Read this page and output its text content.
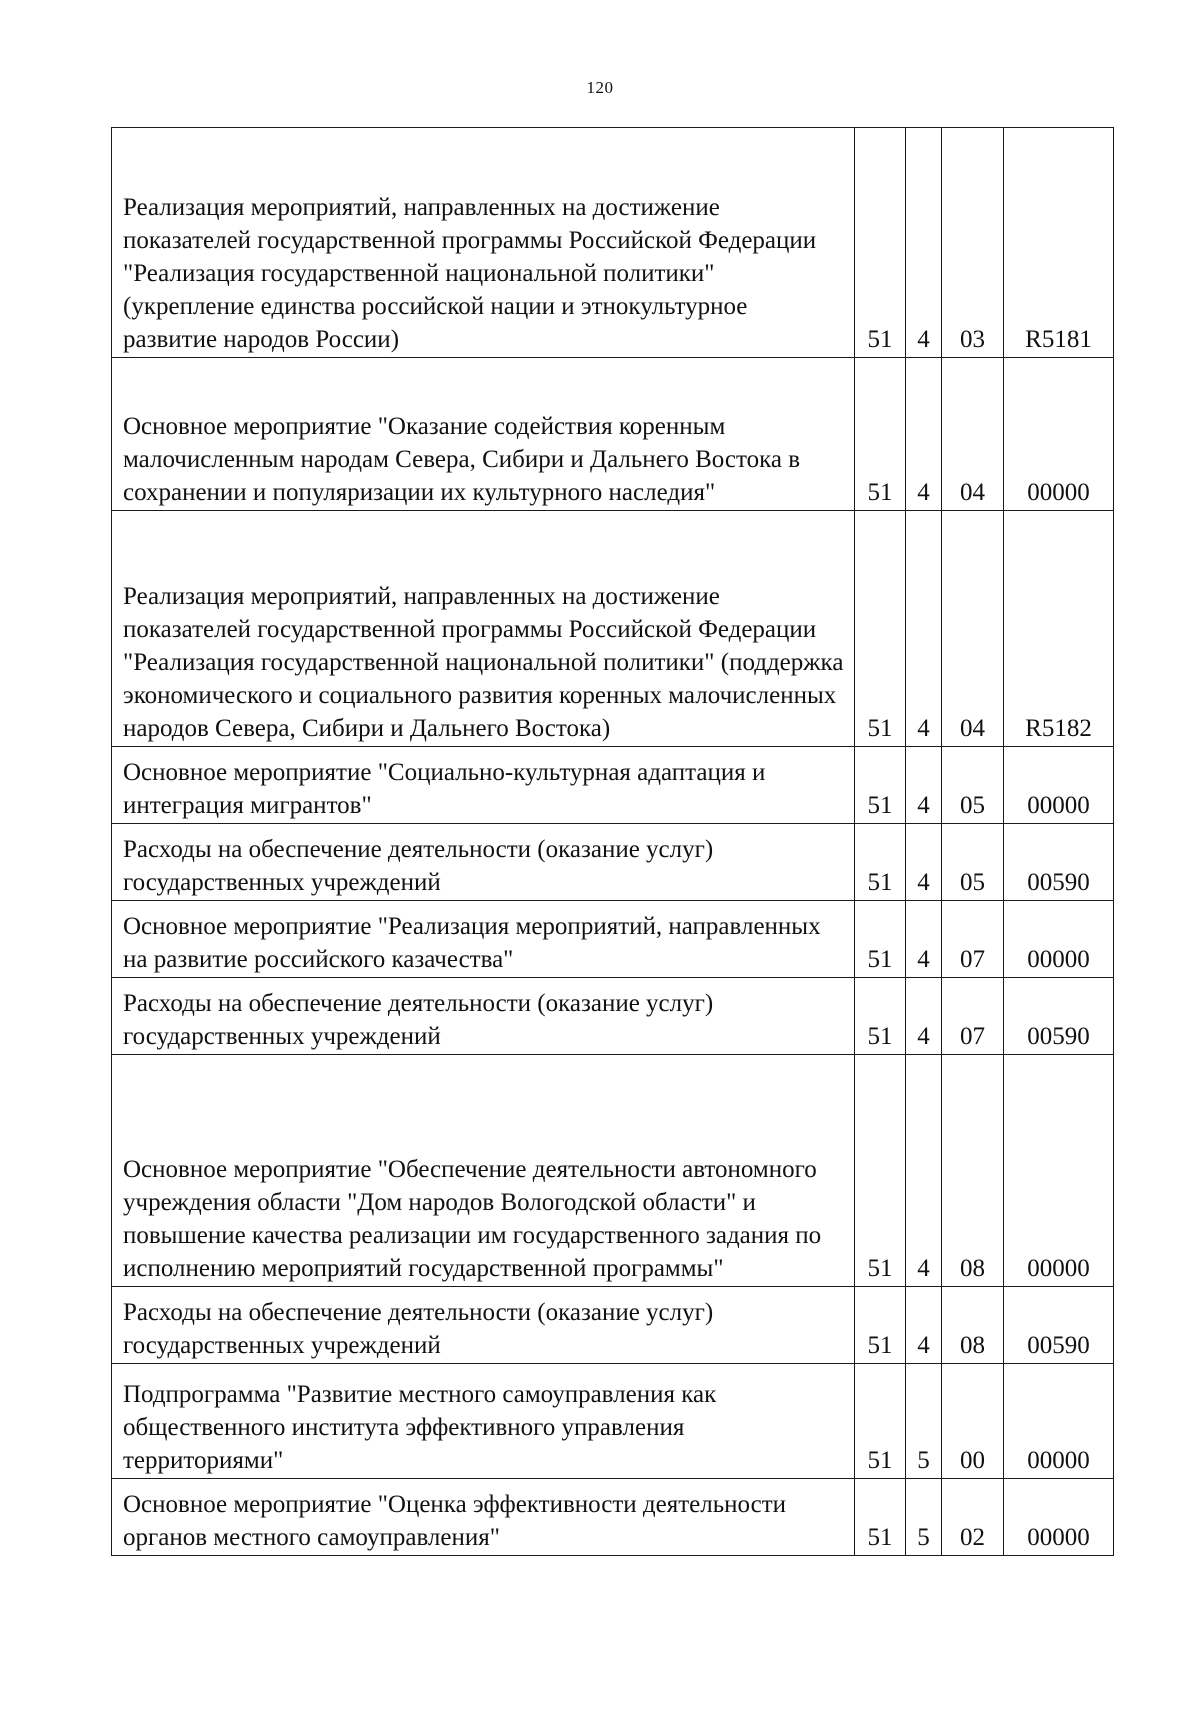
120
Реализация мероприятий, направленных на достижение показателей государственной программы Российской Федерации "Реализация государственной национальной политики" (укрепление единства российской нации и этнокультурное развитие народов России)	51	4	03	R5181
Основное мероприятие "Оказание содействия коренным малочисленным народам Севера, Сибири и Дальнего Востока в сохранении и популяризации их культурного наследия"	51	4	04	00000
Реализация мероприятий, направленных на достижение показателей государственной программы Российской Федерации "Реализация государственной национальной политики" (поддержка экономического и социального развития коренных малочисленных народов Севера, Сибири и Дальнего Востока)	51	4	04	R5182
Основное мероприятие "Социально-культурная адаптация и интеграция мигрантов"	51	4	05	00000
Расходы на обеспечение деятельности (оказание услуг) государственных учреждений	51	4	05	00590
Основное мероприятие "Реализация мероприятий, направленных на развитие российского казачества"	51	4	07	00000
Расходы на обеспечение деятельности (оказание услуг) государственных учреждений	51	4	07	00590
Основное мероприятие "Обеспечение деятельности автономного учреждения области "Дом народов Вологодской области" и повышение качества реализации им государственного задания по исполнению мероприятий государственной программы"	51	4	08	00000
Расходы на обеспечение деятельности (оказание услуг) государственных учреждений	51	4	08	00590
Подпрограмма "Развитие местного самоуправления как общественного института эффективного управления территориями"	51	5	00	00000
Основное мероприятие "Оценка эффективности деятельности органов местного самоуправления"	51	5	02	00000
